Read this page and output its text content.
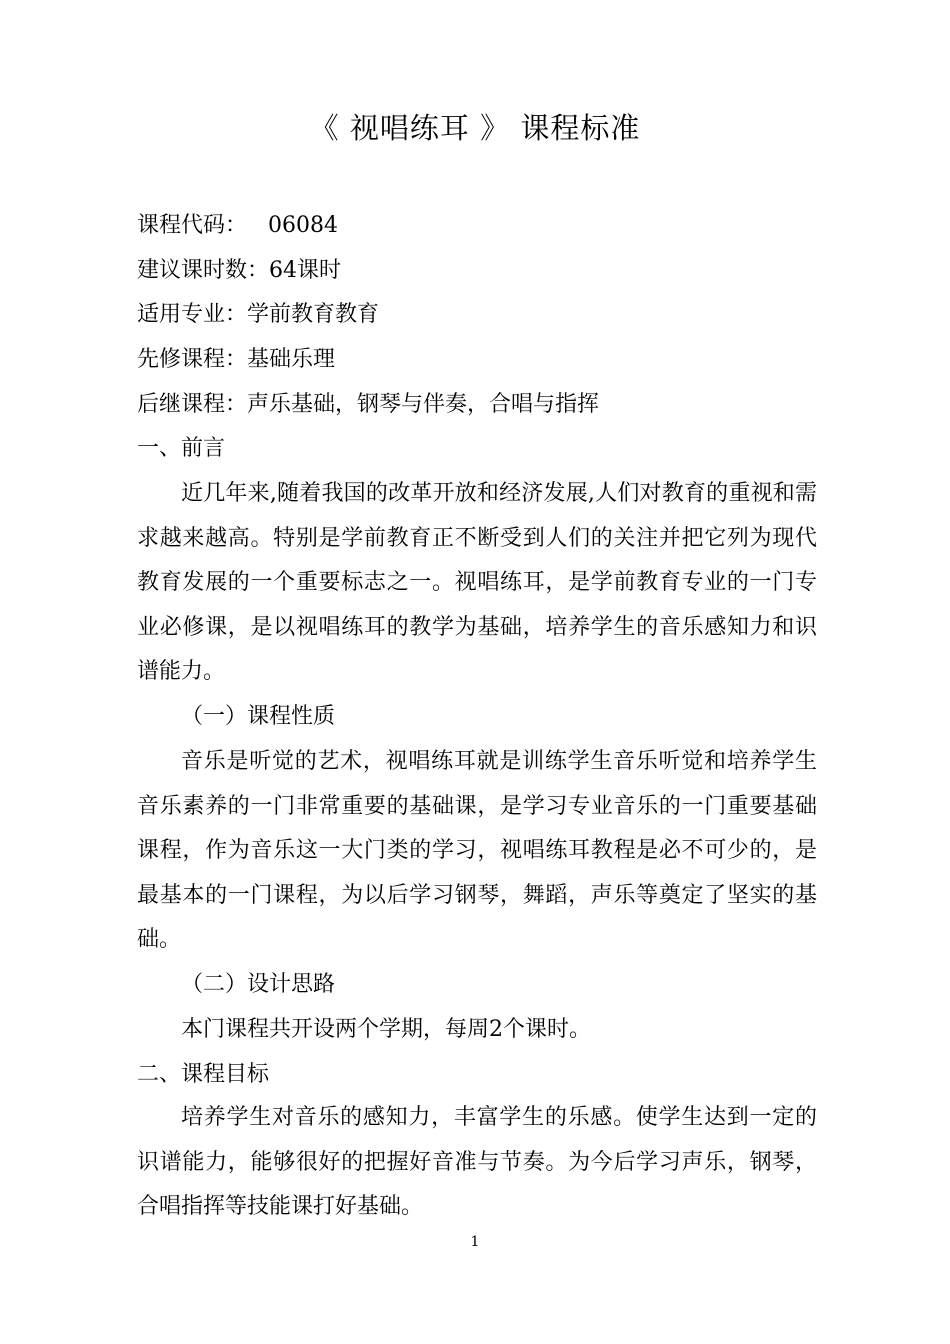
《 视唱练耳 》 课程标准
课程代码：   06084
建议课时数：64课时
适用专业：学前教育教育
先修课程：基础乐理
后继课程：声乐基础，钢琴与伴奏，合唱与指挥
一、前言
近几年来,随着我国的改革开放和经济发展,人们对教育的重视和需求越来越高。特别是学前教育正不断受到人们的关注并把它列为现代教育发展的一个重要标志之一。视唱练耳，是学前教育专业的一门专业必修课，是以视唱练耳的教学为基础，培养学生的音乐感知力和识谱能力。
（一）课程性质
音乐是听觉的艺术，视唱练耳就是训练学生音乐听觉和培养学生音乐素养的一门非常重要的基础课，是学习专业音乐的一门重要基础课程，作为音乐这一大门类的学习，视唱练耳教程是必不可少的，是最基本的一门课程，为以后学习钢琴，舞蹈，声乐等奠定了坚实的基础。
（二）设计思路
本门课程共开设两个学期，每周2个课时。
二、课程目标
培养学生对音乐的感知力，丰富学生的乐感。使学生达到一定的识谱能力，能够很好的把握好音准与节奏。为今后学习声乐，钢琴，合唱指挥等技能课打好基础。
1
